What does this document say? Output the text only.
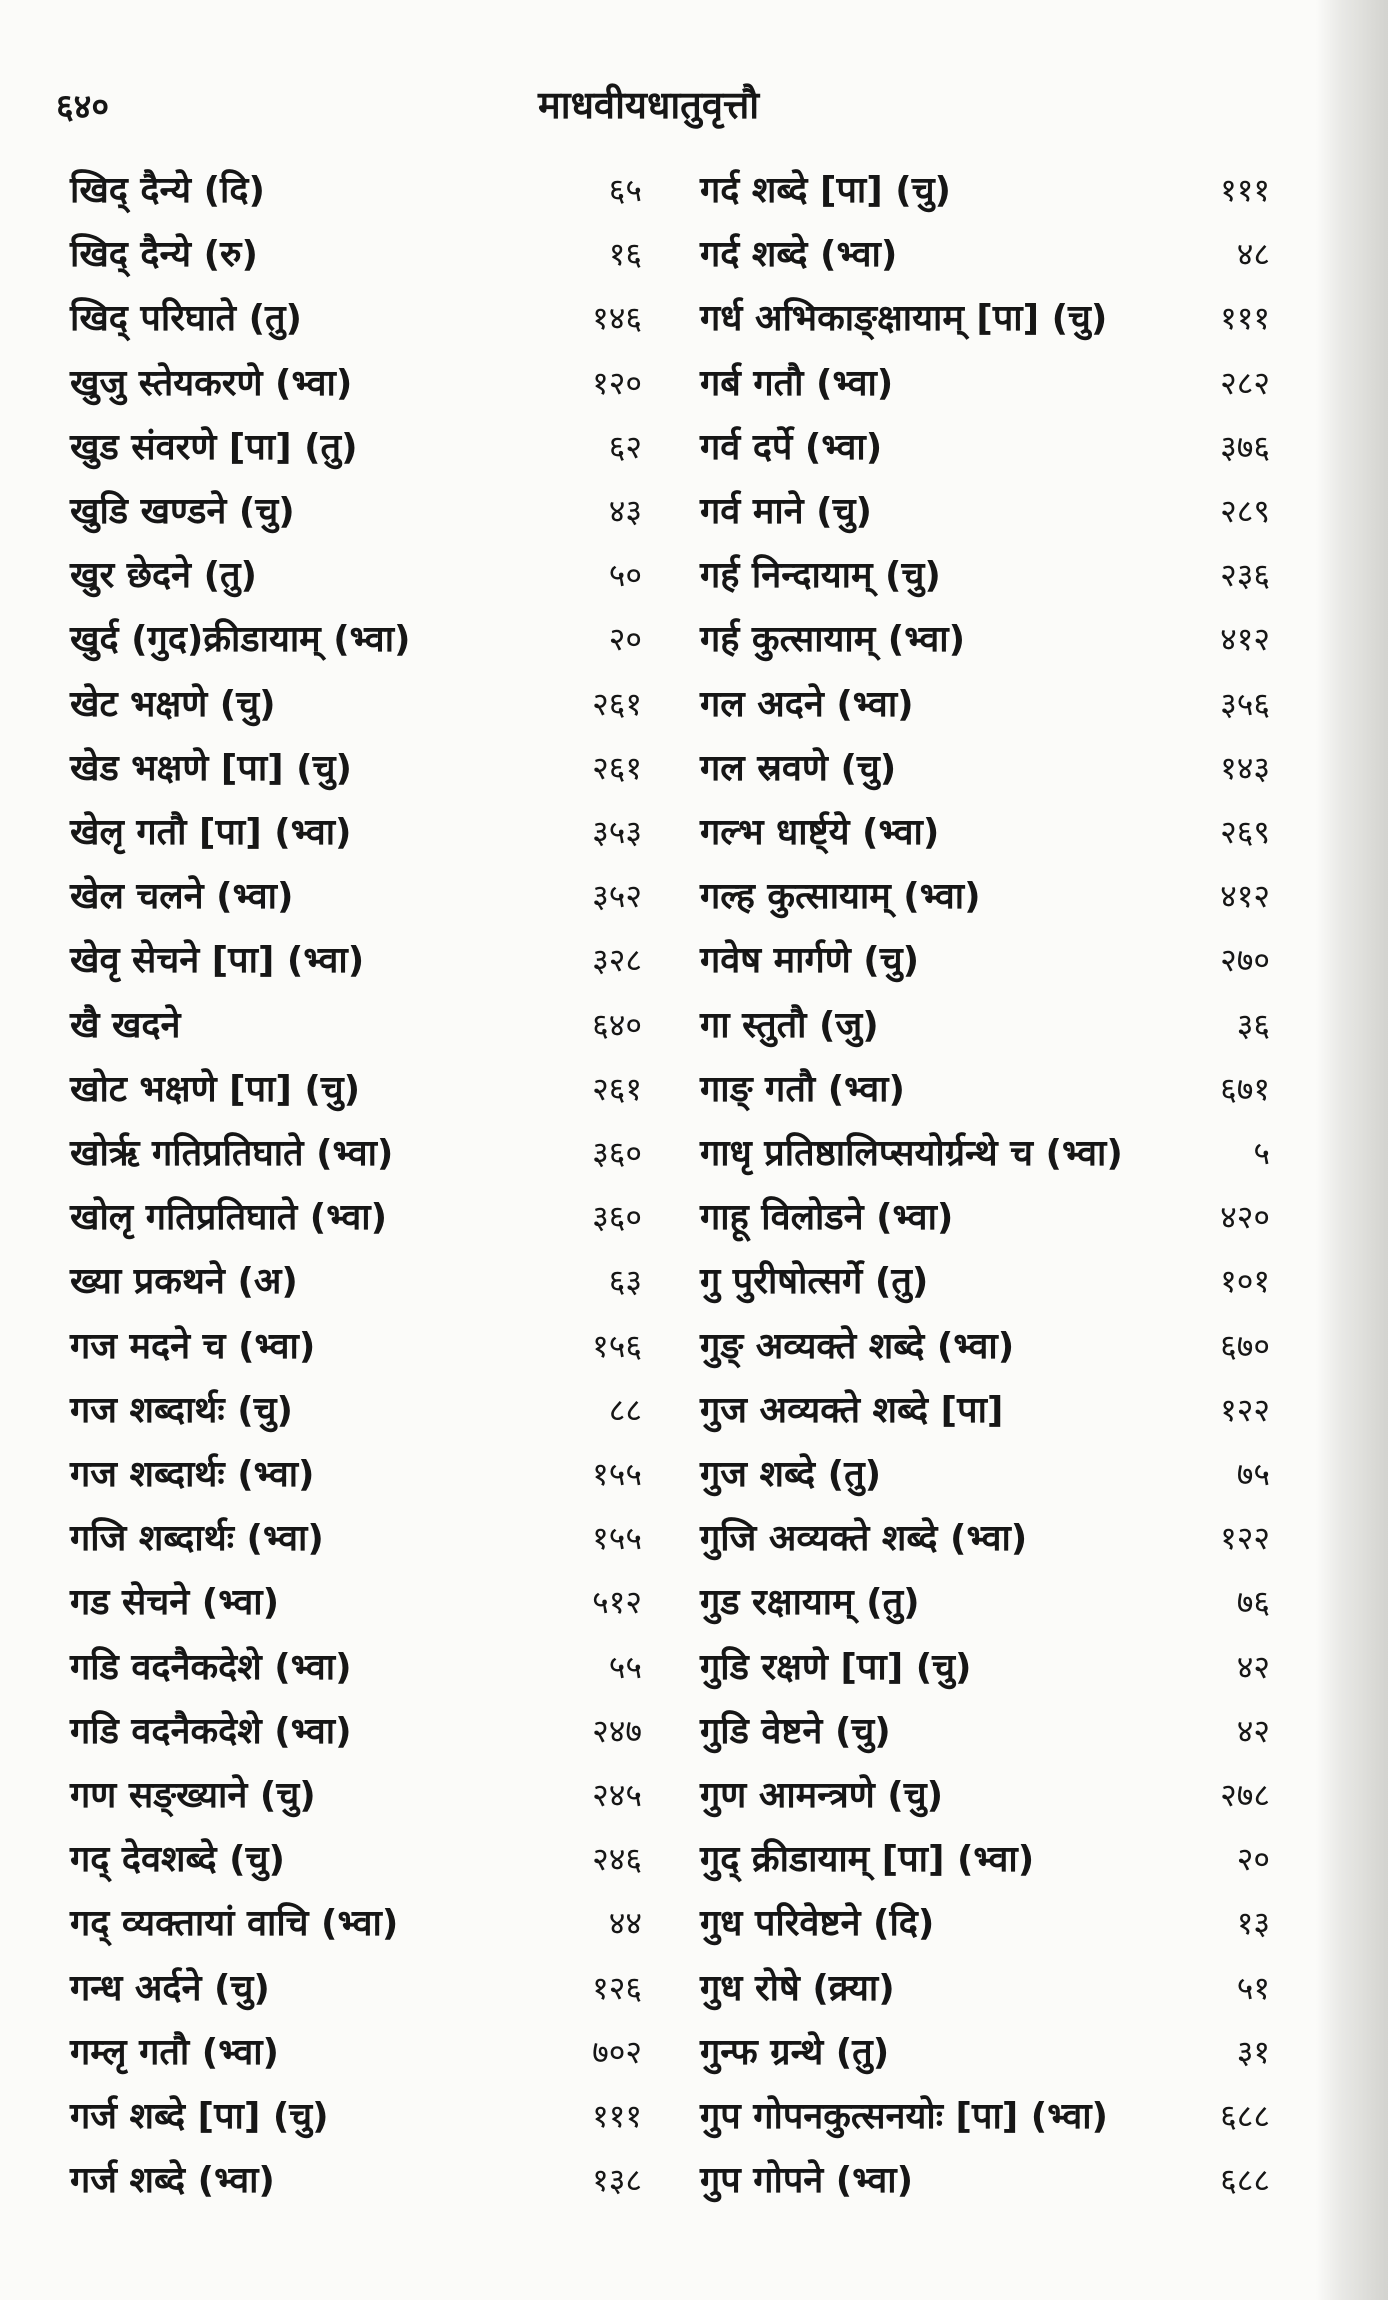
६४०	माधवीयधातुवृत्तौ
खिद् दैन्ये (दि)	६५
खिद् दैन्ये (रु)	१६
खिद् परिघाते (तु)	१४६
खुजु स्तेयकरणे (भ्वा)	१२०
खुड संवरणे [पा] (तु)	६२
खुडि खण्डने (चु)	४३
खुर छेदने (तु)	५०
खुर्द (गुद)क्रीडायाम् (भ्वा)	२०
खेट भक्षणे (चु)	२६१
खेड भक्षणे [पा] (चु)	२६१
खेलृ गतौ [पा] (भ्वा)	३५३
खेल चलने (भ्वा)	३५२
खेवृ सेचने [पा] (भ्वा)	३२८
खै खदने	६४०
खोट भक्षणे [पा] (चु)	२६१
खोर्ऋ गतिप्रतिघाते (भ्वा)	३६०
खोलृ गतिप्रतिघाते (भ्वा)	३६०
ख्या प्रकथने (अ)	६३
गज मदने च (भ्वा)	१५६
गज शब्दार्थः (चु)	८८
गज शब्दार्थः (भ्वा)	१५५
गजि शब्दार्थः (भ्वा)	१५५
गड सेचने (भ्वा)	५१२
गडि वदनैकदेशे (भ्वा)	५५
गडि वदनैकदेशे (भ्वा)	२४७
गण सङ्ख्याने (चु)	२४५
गद् देवशब्दे (चु)	२४६
गद् व्यक्तायां वाचि (भ्वा)	४४
गन्ध अर्दने (चु)	१२६
गम्लृ गतौ (भ्वा)	७०२
गर्ज शब्दे [पा] (चु)	१११
गर्ज शब्दे (भ्वा)	१३८
गर्द शब्दे [पा] (चु)	१११
गर्द शब्दे (भ्वा)	४८
गर्ध अभिकाङ्क्षायाम् [पा] (चु)	१११
गर्ब गतौ (भ्वा)	२८२
गर्व दर्पे (भ्वा)	३७६
गर्व माने (चु)	२८९
गर्ह निन्दायाम् (चु)	२३६
गर्ह कुत्सायाम् (भ्वा)	४१२
गल अदने (भ्वा)	३५६
गल स्रवणे (चु)	१४३
गल्भ धार्ष्ट्ये (भ्वा)	२६९
गल्ह कुत्सायाम् (भ्वा)	४१२
गवेष मार्गणे (चु)	२७०
गा स्तुतौ (जु)	३६
गाङ् गतौ (भ्वा)	६७१
गाधृ प्रतिष्ठालिप्सयोर्ग्रन्थे च (भ्वा)	५
गाहू विलोडने (भ्वा)	४२०
गु पुरीषोत्सर्गे (तु)	१०१
गुङ् अव्यक्ते शब्दे (भ्वा)	६७०
गुज अव्यक्ते शब्दे [पा]	१२२
गुज शब्दे (तु)	७५
गुजि अव्यक्ते शब्दे (भ्वा)	१२२
गुड रक्षायाम् (तु)	७६
गुडि रक्षणे [पा] (चु)	४२
गुडि वेष्टने (चु)	४२
गुण आमन्त्रणे (चु)	२७८
गुद् क्रीडायाम् [पा] (भ्वा)	२०
गुध परिवेष्टने (दि)	१३
गुध रोषे (क्र्या)	५१
गुन्फ ग्रन्थे (तु)	३१
गुप गोपनकुत्सनयोः [पा] (भ्वा)	६८८
गुप गोपने (भ्वा)	६८८
